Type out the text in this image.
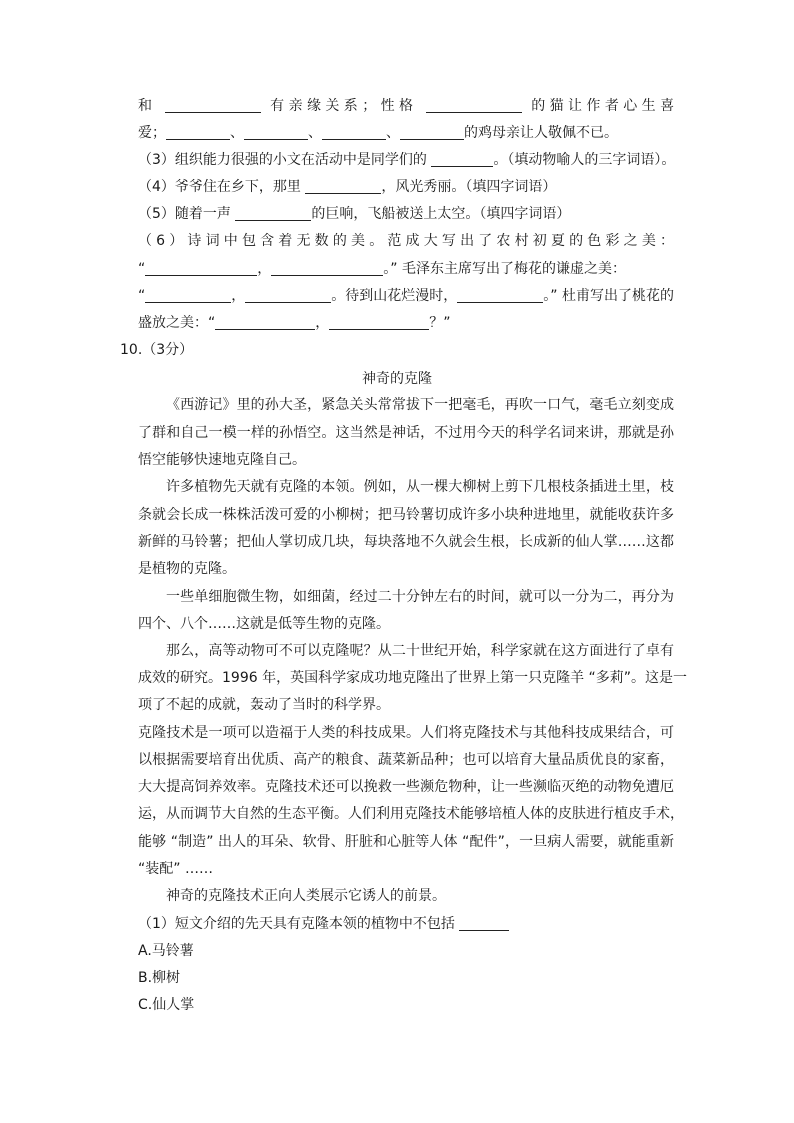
和	有亲缘关系；性格	的猫让作者心生喜
爱；	、	、	、	的鸡母亲让人敬佩不已。
（3）组织能力很强的小文在活动中是同学们的	。（填动物喻人的三字词语）。
（4）爷爷住在乡下，那里	，风光秀丽。（填四字词语）
（5）随着一声	的巨响，飞船被送上太空。（填四字词语）
（6）诗词中包含着无数的美。范成大写出了农村初夏的色彩之美：
“	，	。” 毛泽东主席写出了梅花的谦虚之美：
“	，	。待到山花烂漫时，	。” 杜甫写出了桃花的
盛放之美：“	，	？”
10.（3分）
神奇的克隆
《西游记》里的孙大圣，紧急关头常常拔下一把毫毛，再吹一口气，毫毛立刻变成
了群和自己一模一样的孙悟空。这当然是神话，不过用今天的科学名词来讲，那就是孙
悟空能够快速地克隆自己。
许多植物先天就有克隆的本领。例如，从一棵大柳树上剪下几根枝条插进土里，枝
条就会长成一株株活泼可爱的小柳树；把马铃薯切成许多小块种进地里，就能收获许多
新鲜的马铃薯；把仙人掌切成几块，每块落地不久就会生根，长成新的仙人掌……这都
是植物的克隆。
一些单细胞微生物，如细菌，经过二十分钟左右的时间，就可以一分为二，再分为
四个、八个……这就是低等生物的克隆。
那么，高等动物可不可以克隆呢？从二十世纪开始，科学家就在这方面进行了卓有
成效的研究。1996 年，英国科学家成功地克隆出了世界上第一只克隆羊 “多莉”。这是一
项了不起的成就，轰动了当时的科学界。
克隆技术是一项可以造福于人类的科技成果。人们将克隆技术与其他科技成果结合，可
以根据需要培育出优质、高产的粮食、蔬菜新品种；也可以培育大量品质优良的家畜，
大大提高饲养效率。克隆技术还可以挽救一些濒危物种，让一些濒临灭绝的动物免遭厄
运，从而调节大自然的生态平衡。人们利用克隆技术能够培植人体的皮肤进行植皮手术，
能够 “制造” 出人的耳朵、软骨、肝脏和心脏等人体 “配件”，一旦病人需要，就能重新
“装配” ……
神奇的克隆技术正向人类展示它诱人的前景。
（1）短文介绍的先天具有克隆本领的植物中不包括
A.马铃薯
B.柳树
C.仙人掌
